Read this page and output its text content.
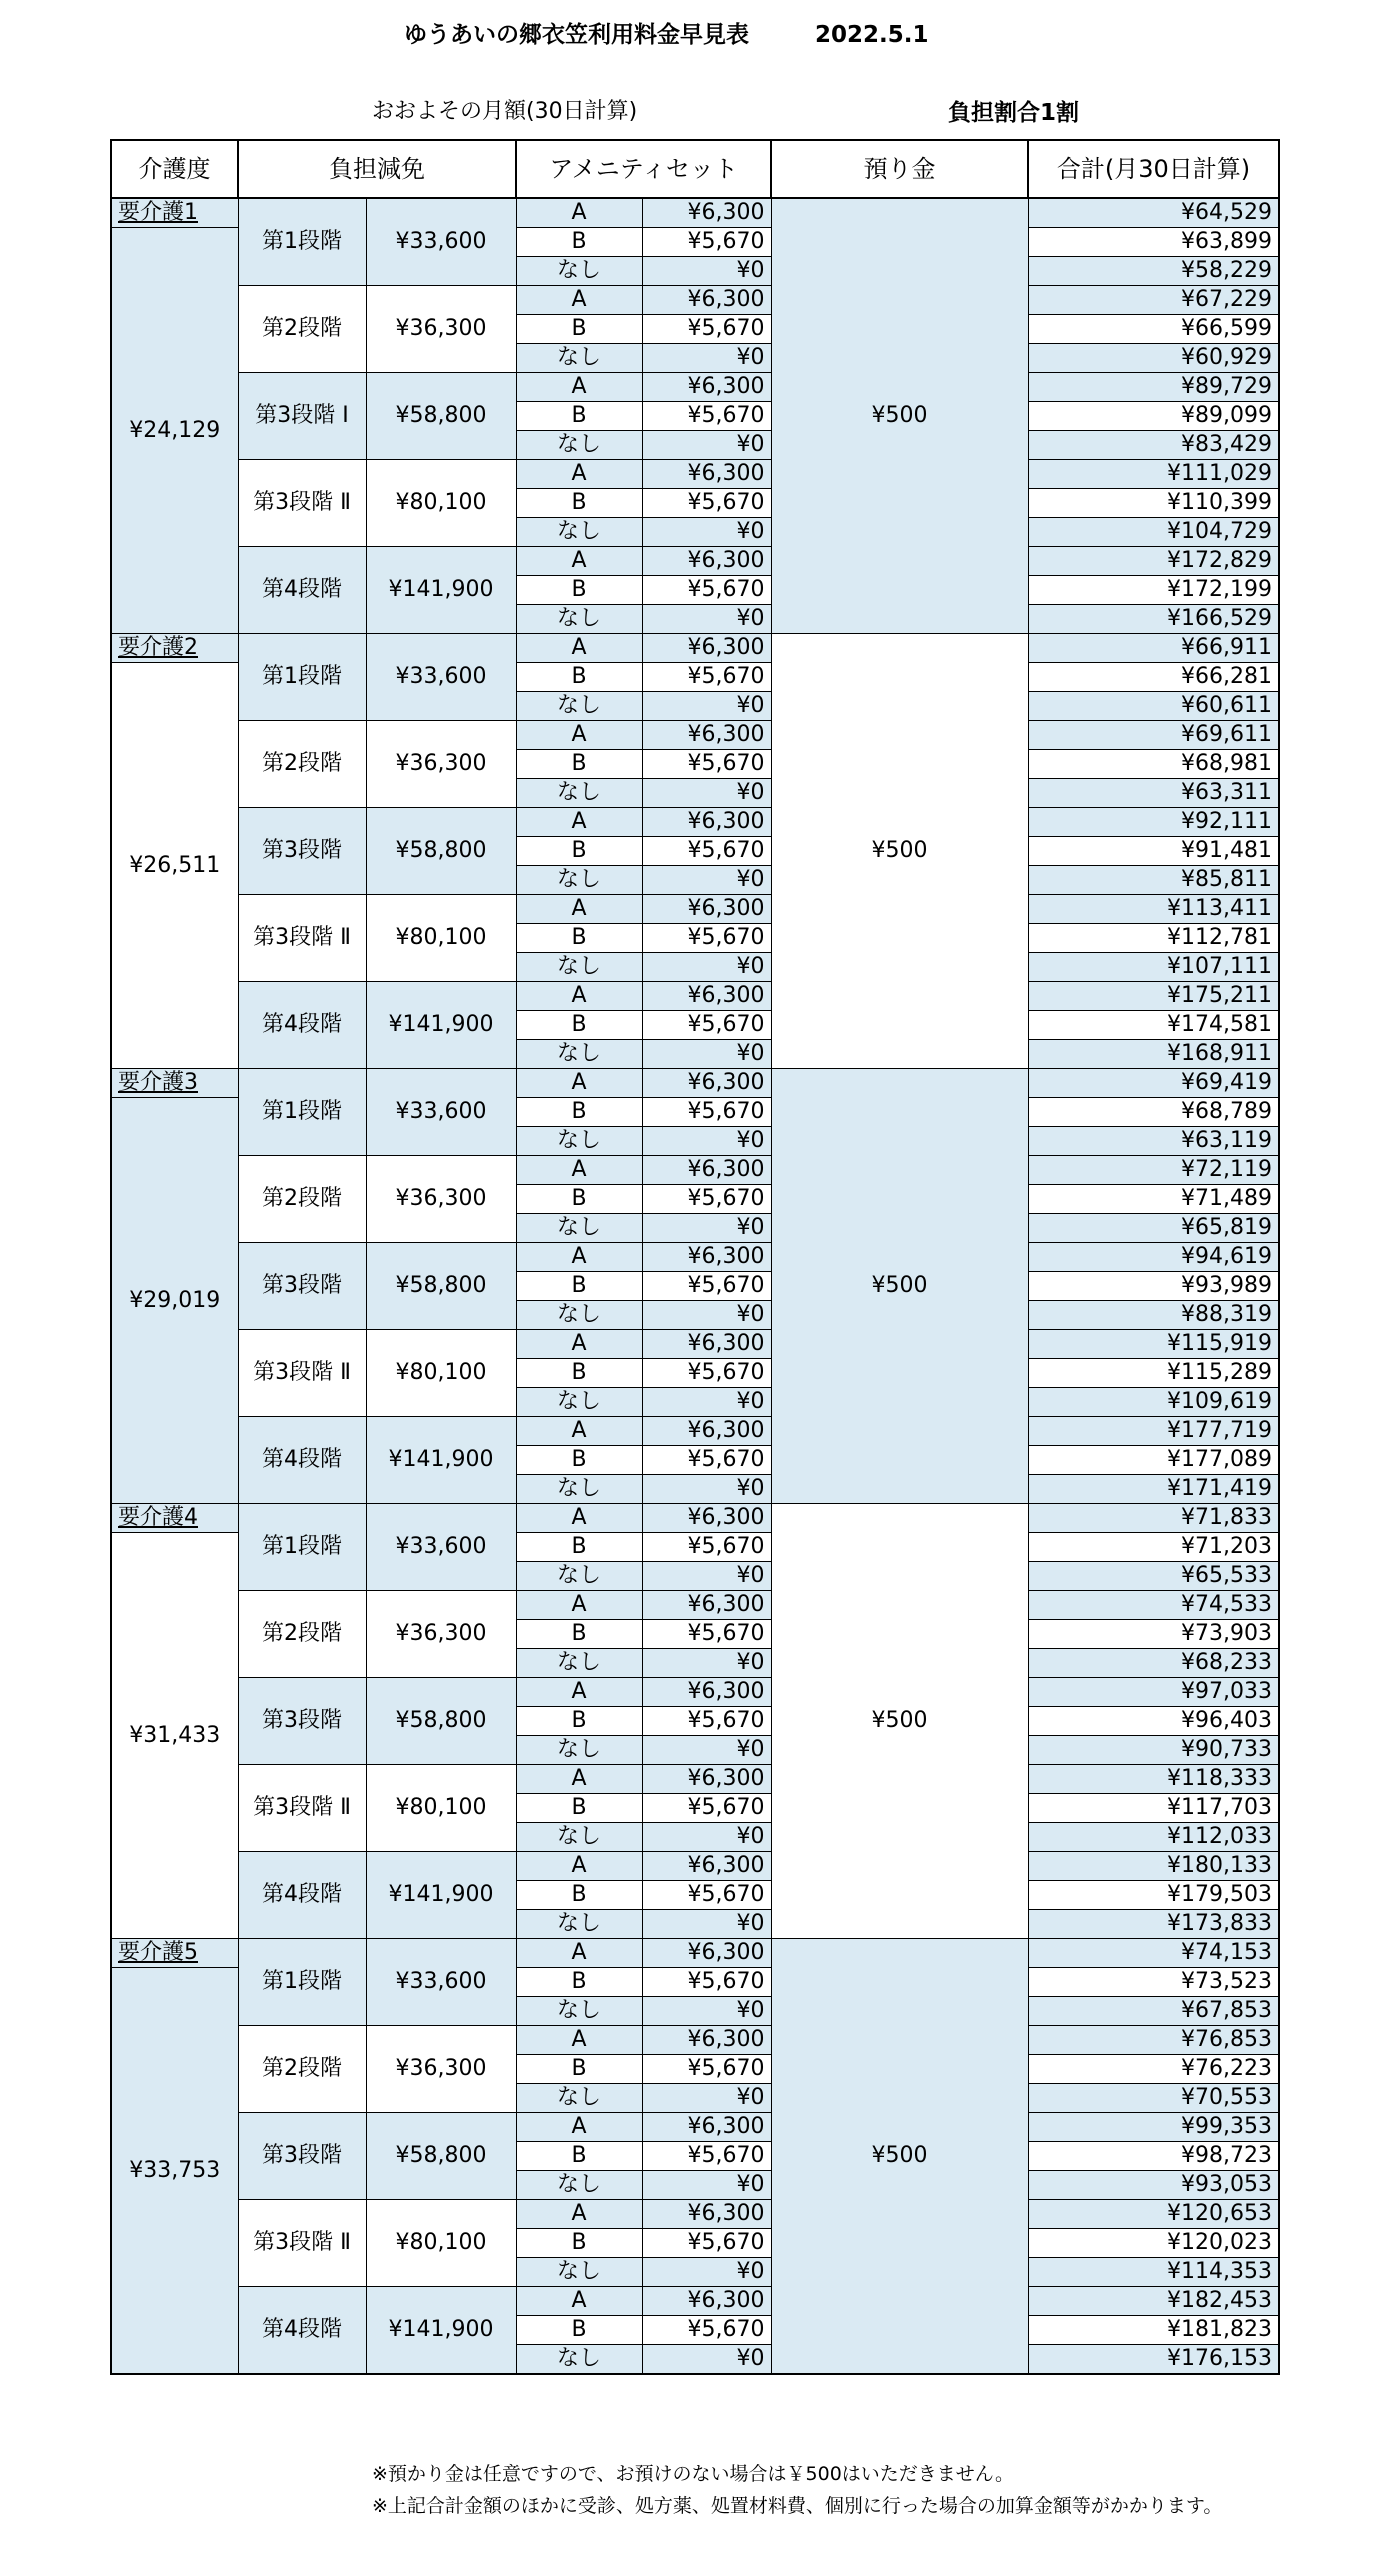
ゆうあいの郷衣笠利用料金早見表	2022.5.1
おおよその月額(30日計算)	負担割合1割
介護度	負担減免		アメニティセット		預り金	合計(月30日計算)
要介護1	第1段階	¥33,600	A	¥6,300	¥500	¥64,529
¥24,129			B	¥5,670		¥63,899
			なし	¥0		¥58,229
	第2段階	¥36,300	A	¥6,300		¥67,229
			B	¥5,670		¥66,599
			なし	¥0		¥60,929
	第3段階 Ⅰ	¥58,800	A	¥6,300		¥89,729
			B	¥5,670		¥89,099
			なし	¥0		¥83,429
	第3段階 Ⅱ	¥80,100	A	¥6,300		¥111,029
			B	¥5,670		¥110,399
			なし	¥0		¥104,729
	第4段階	¥141,900	A	¥6,300		¥172,829
			B	¥5,670		¥172,199
			なし	¥0		¥166,529
要介護2	第1段階	¥33,600	A	¥6,300	¥500	¥66,911
¥26,511			B	¥5,670		¥66,281
			なし	¥0		¥60,611
	第2段階	¥36,300	A	¥6,300		¥69,611
			B	¥5,670		¥68,981
			なし	¥0		¥63,311
	第3段階	¥58,800	A	¥6,300		¥92,111
			B	¥5,670		¥91,481
			なし	¥0		¥85,811
	第3段階 Ⅱ	¥80,100	A	¥6,300		¥113,411
			B	¥5,670		¥112,781
			なし	¥0		¥107,111
	第4段階	¥141,900	A	¥6,300		¥175,211
			B	¥5,670		¥174,581
			なし	¥0		¥168,911
要介護3	第1段階	¥33,600	A	¥6,300	¥500	¥69,419
¥29,019			B	¥5,670		¥68,789
			なし	¥0		¥63,119
	第2段階	¥36,300	A	¥6,300		¥72,119
			B	¥5,670		¥71,489
			なし	¥0		¥65,819
	第3段階	¥58,800	A	¥6,300		¥94,619
			B	¥5,670		¥93,989
			なし	¥0		¥88,319
	第3段階 Ⅱ	¥80,100	A	¥6,300		¥115,919
			B	¥5,670		¥115,289
			なし	¥0		¥109,619
	第4段階	¥141,900	A	¥6,300		¥177,719
			B	¥5,670		¥177,089
			なし	¥0		¥171,419
要介護4	第1段階	¥33,600	A	¥6,300	¥500	¥71,833
¥31,433			B	¥5,670		¥71,203
			なし	¥0		¥65,533
	第2段階	¥36,300	A	¥6,300		¥74,533
			B	¥5,670		¥73,903
			なし	¥0		¥68,233
	第3段階	¥58,800	A	¥6,300		¥97,033
			B	¥5,670		¥96,403
			なし	¥0		¥90,733
	第3段階 Ⅱ	¥80,100	A	¥6,300		¥118,333
			B	¥5,670		¥117,703
			なし	¥0		¥112,033
	第4段階	¥141,900	A	¥6,300		¥180,133
			B	¥5,670		¥179,503
			なし	¥0		¥173,833
要介護5	第1段階	¥33,600	A	¥6,300	¥500	¥74,153
¥33,753			B	¥5,670		¥73,523
			なし	¥0		¥67,853
	第2段階	¥36,300	A	¥6,300		¥76,853
			B	¥5,670		¥76,223
			なし	¥0		¥70,553
	第3段階	¥58,800	A	¥6,300		¥99,353
			B	¥5,670		¥98,723
			なし	¥0		¥93,053
	第3段階 Ⅱ	¥80,100	A	¥6,300		¥120,653
			B	¥5,670		¥120,023
			なし	¥0		¥114,353
	第4段階	¥141,900	A	¥6,300		¥182,453
			B	¥5,670		¥181,823
			なし	¥0		¥176,153
※預かり金は任意ですので、お預けのない場合は￥500はいただきません。
※上記合計金額のほかに受診、処方薬、処置材料費、個別に行った場合の加算金額等がかかります。
